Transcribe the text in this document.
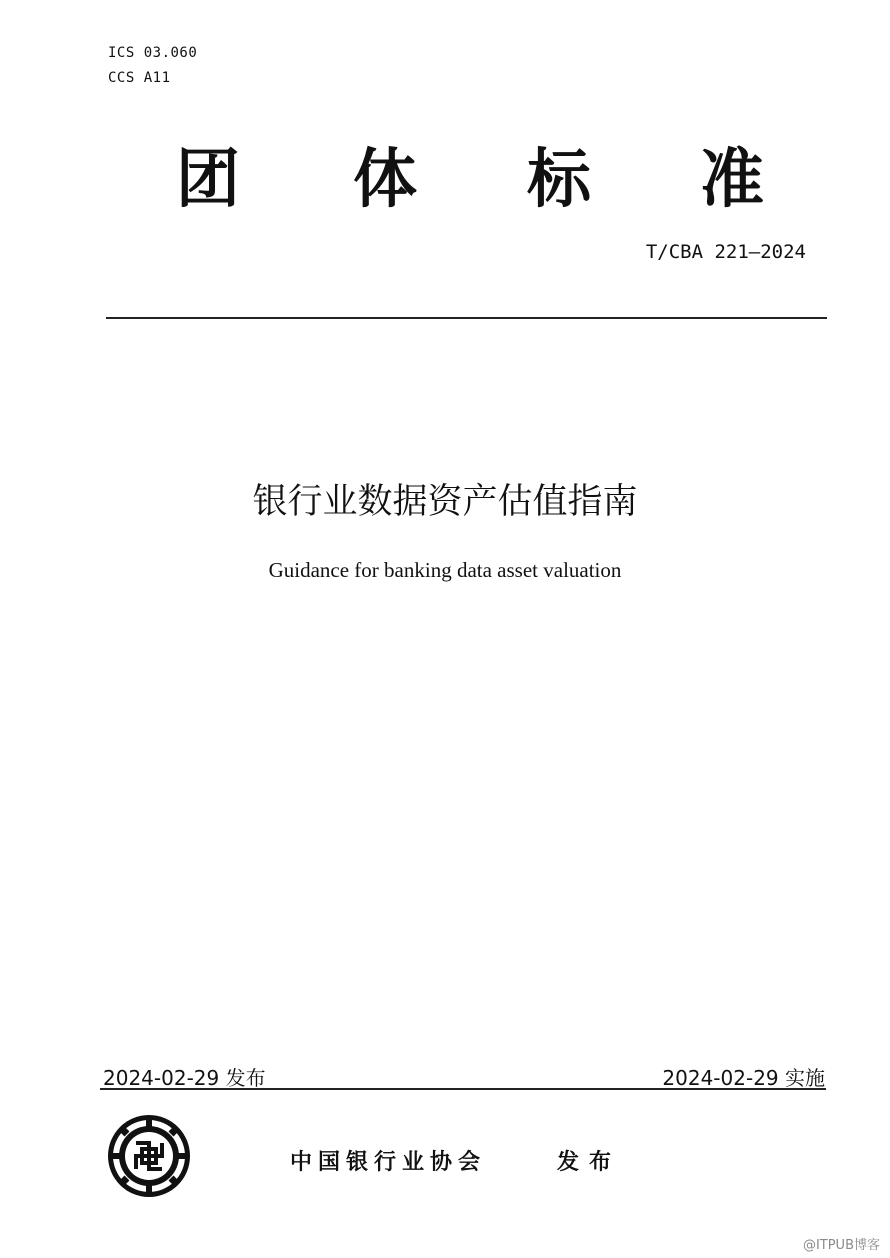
ICS 03.060
CCS A11
团 体 标 准
T/CBA 221—2024
银行业数据资产估值指南
Guidance for banking data asset valuation
2024-02-29 发布	2024-02-29 实施
中国银行业协会	发布
@ITPUB博客
